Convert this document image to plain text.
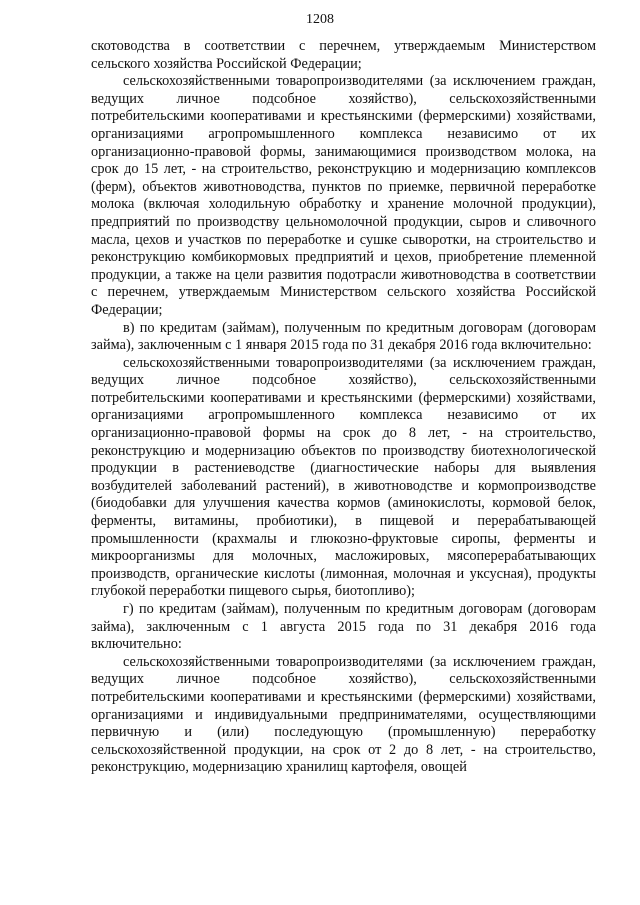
1208

скотоводства в соответствии с перечнем, утверждаемым Министерством сельского хозяйства Российской Федерации;

сельскохозяйственными товаропроизводителями (за исключением граждан, ведущих личное подсобное хозяйство), сельскохозяйственными потребительскими кооперативами и крестьянскими (фермерскими) хозяйствами, организациями агропромышленного комплекса независимо от их организационно-правовой формы, занимающимися производством молока, на срок до 15 лет, - на строительство, реконструкцию и модернизацию комплексов (ферм), объектов животноводства, пунктов по приемке, первичной переработке молока (включая холодильную обработку и хранение молочной продукции), предприятий по производству цельномолочной продукции, сыров и сливочного масла, цехов и участков по переработке и сушке сыворотки, на строительство и реконструкцию комбикормовых предприятий и цехов, приобретение племенной продукции, а также на цели развития подотрасли животноводства в соответствии с перечнем, утверждаемым Министерством сельского хозяйства Российской Федерации;

в) по кредитам (займам), полученным по кредитным договорам (договорам займа), заключенным с 1 января 2015 года по 31 декабря 2016 года включительно:

сельскохозяйственными товаропроизводителями (за исключением граждан, ведущих личное подсобное хозяйство), сельскохозяйственными потребительскими кооперативами и крестьянскими (фермерскими) хозяйствами, организациями агропромышленного комплекса независимо от их организационно-правовой формы на срок до 8 лет, - на строительство, реконструкцию и модернизацию объектов по производству биотехнологической продукции в растениеводстве (диагностические наборы для выявления возбудителей заболеваний растений), в животноводстве и кормопроизводстве (биодобавки для улучшения качества кормов (аминокислоты, кормовой белок, ферменты, витамины, пробиотики), в пищевой и перерабатывающей промышленности (крахмалы и глюкозно-фруктовые сиропы, ферменты и микроорганизмы для молочных, масложировых, мясоперерабатывающих производств, органические кислоты (лимонная, молочная и уксусная), продукты глубокой переработки пищевого сырья, биотопливо);

г) по кредитам (займам), полученным по кредитным договорам (договорам займа), заключенным с 1 августа 2015 года по 31 декабря 2016 года включительно:

сельскохозяйственными товаропроизводителями (за исключением граждан, ведущих личное подсобное хозяйство), сельскохозяйственными потребительскими кооперативами и крестьянскими (фермерскими) хозяйствами, организациями и индивидуальными предпринимателями, осуществляющими первичную и (или) последующую (промышленную) переработку сельскохозяйственной продукции, на срок от 2 до 8 лет, - на строительство, реконструкцию, модернизацию хранилищ картофеля, овощей
